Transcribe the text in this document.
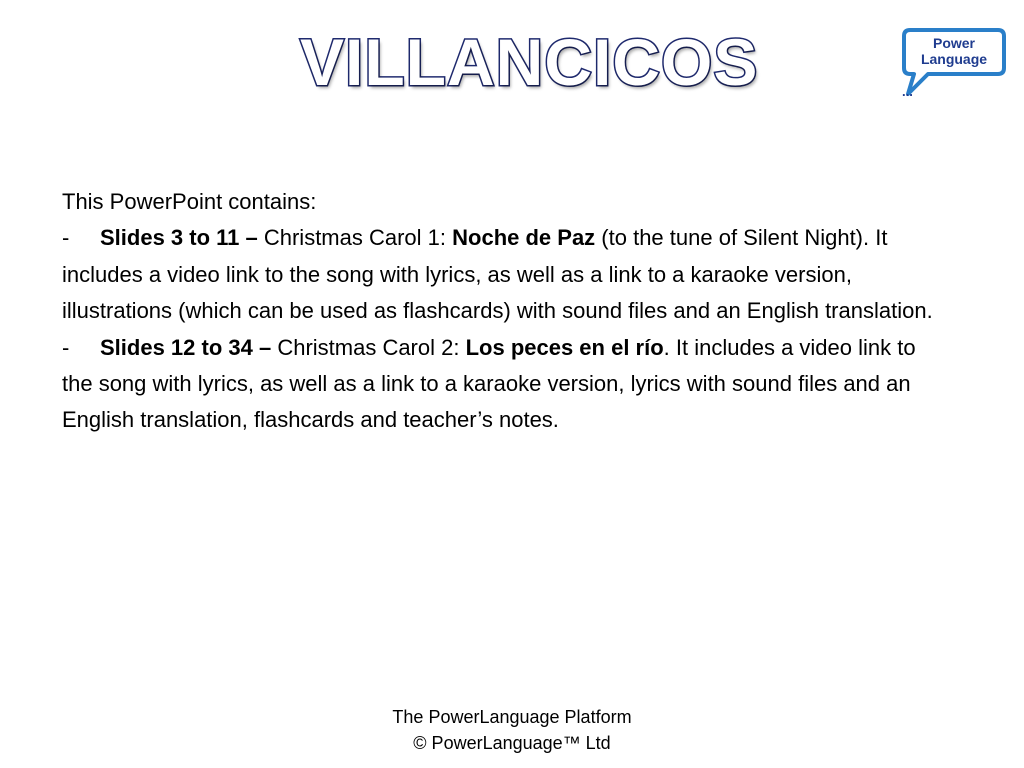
VILLANCICOS	Power
Language
...

This PowerPoint contains:

- Slides 3 to 11 – Christmas Carol 1: Noche de Paz (to the tune of Silent Night). It includes a video link to the song with lyrics, as well as a link to a karaoke version, illustrations (which can be used as flashcards) with sound files and an English translation.

- Slides 12 to 34 – Christmas Carol 2: Los peces en el río. It includes a video link to the song with lyrics, as well as a link to a karaoke version, lyrics with sound files and an English translation, flashcards and teacher’s notes.

The PowerLanguage Platform
© PowerLanguage™ Ltd
